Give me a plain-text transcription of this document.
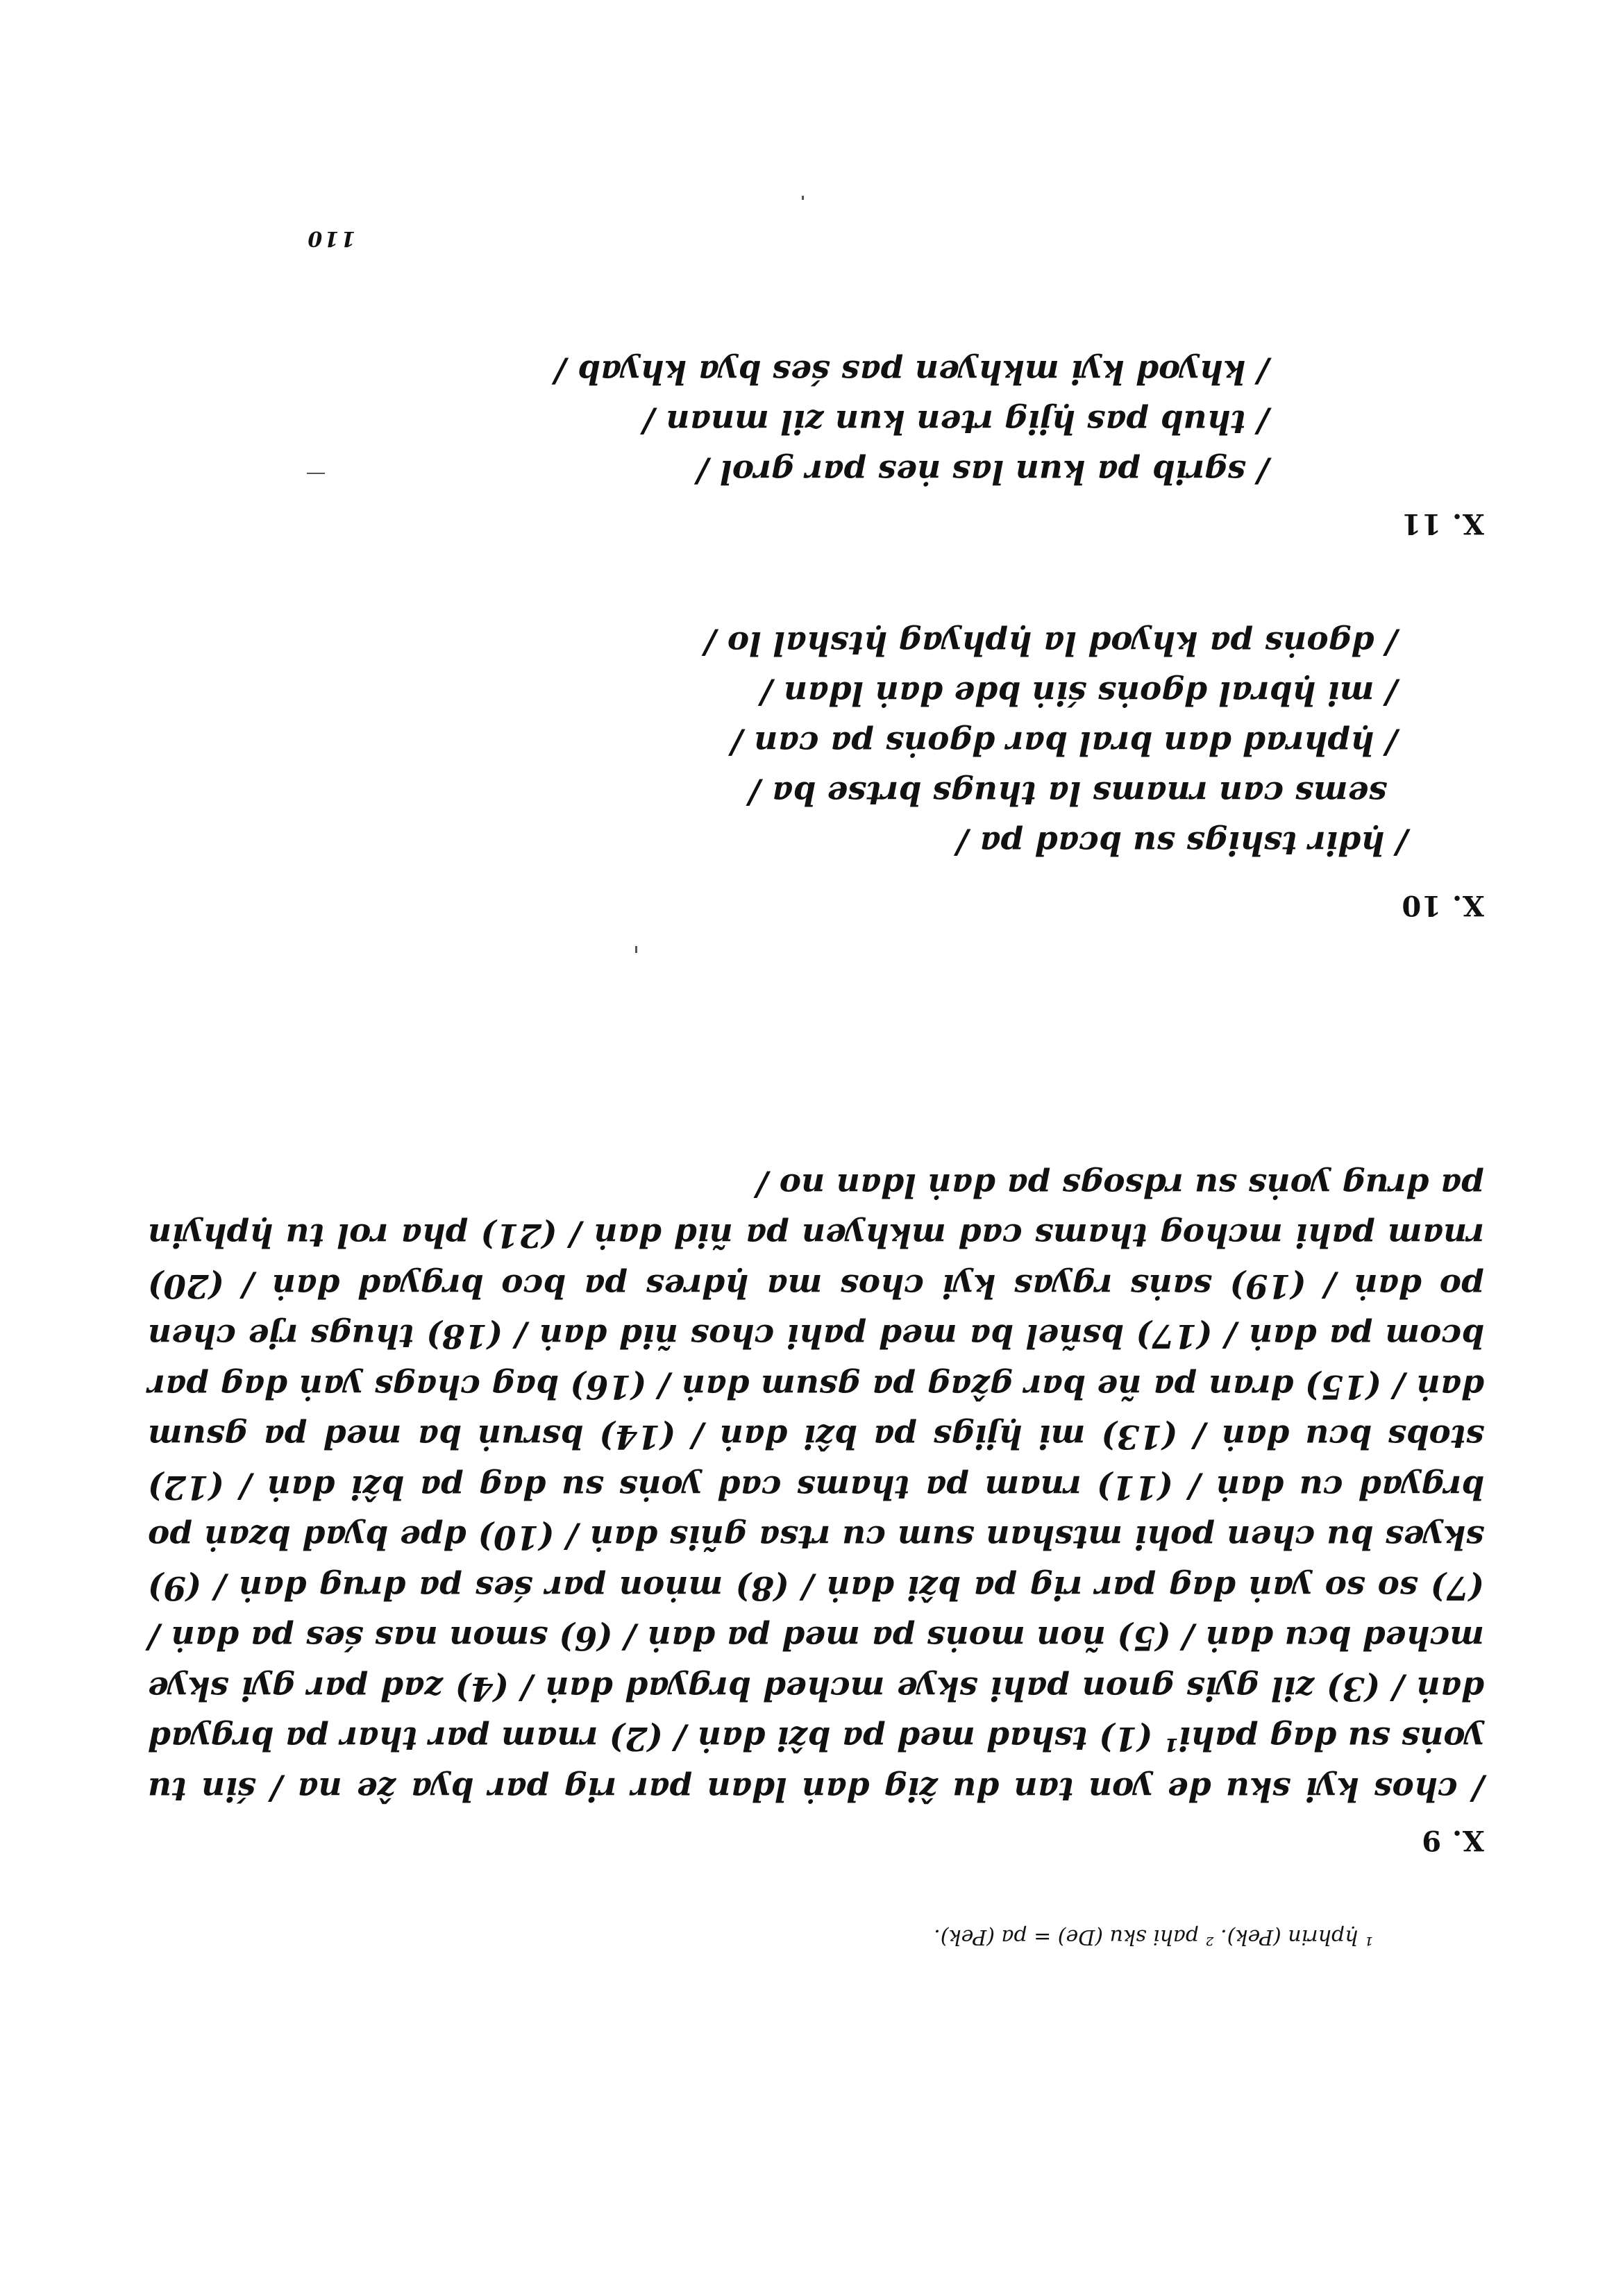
110
X. 11
/ sgrib pa kun las ṅes par grol /
/ thub pas ḥjig rten kun zil mnan /
/ khyod kyi mkhyen pas śes bya khyab /
X. 10
/ ḥdir tshigs su bcad pa /
sems can rnams la thugs brtse ba /
/ ḥphrad dan bral bar dgoṅs pa can /
/ mi ḥbral dgoṅs śiṅ bde daṅ ldan /
/ dgoṅs pa khyod la ḥphyag ḥtshal lo /
X. 9
/ chos kyi sku de yon tan du ẑig daṅ ldan par rig par bya ẑe na / śin tu yoṅs su dag pahi¹ (1) tshad med pa bẑi daṅ / (2) rnam par thar pa brgyad daṅ / (3) zil gyis gnon pahi skye mched brgyad daṅ / (4) zad par gyi skye mched bcu daṅ / (5) ñon moṅs pa med pa daṅ / (6) smon nas śes pa daṅ / (7) so so yaṅ dag par rig pa bẑi daṅ / (8) mṅon par śes pa drug daṅ / (9) skyes bu chen pohi mtshan sum cu rtsa gñis daṅ / (10) dpe byad bzaṅ po brgyad cu daṅ / (11) rnam pa thams cad yoṅs su dag pa bẑi daṅ / (12) stobs bcu daṅ / (13) mi ḥjigs pa bẑi daṅ / (14) bsruṅ ba med pa gsum daṅ / (15) dran pa ñe bar gẑag pa gsum daṅ / (16) bag chags yaṅ dag par bcom pa daṅ / (17) bsñel ba med pahi chos ñid daṅ / (18) thugs rje chen po daṅ / (19) saṅs rgyas kyi chos ma ḥdres pa bco brgyad daṅ / (20) rnam pahi mchog thams cad mkhyen pa ñid daṅ / (21) pha rol tu ḥphyin pa drug yoṅs su rdsogs pa daṅ ldan no /
¹ ḥphrin (Pek). ² pahi sku (De) = pa (Pek).
